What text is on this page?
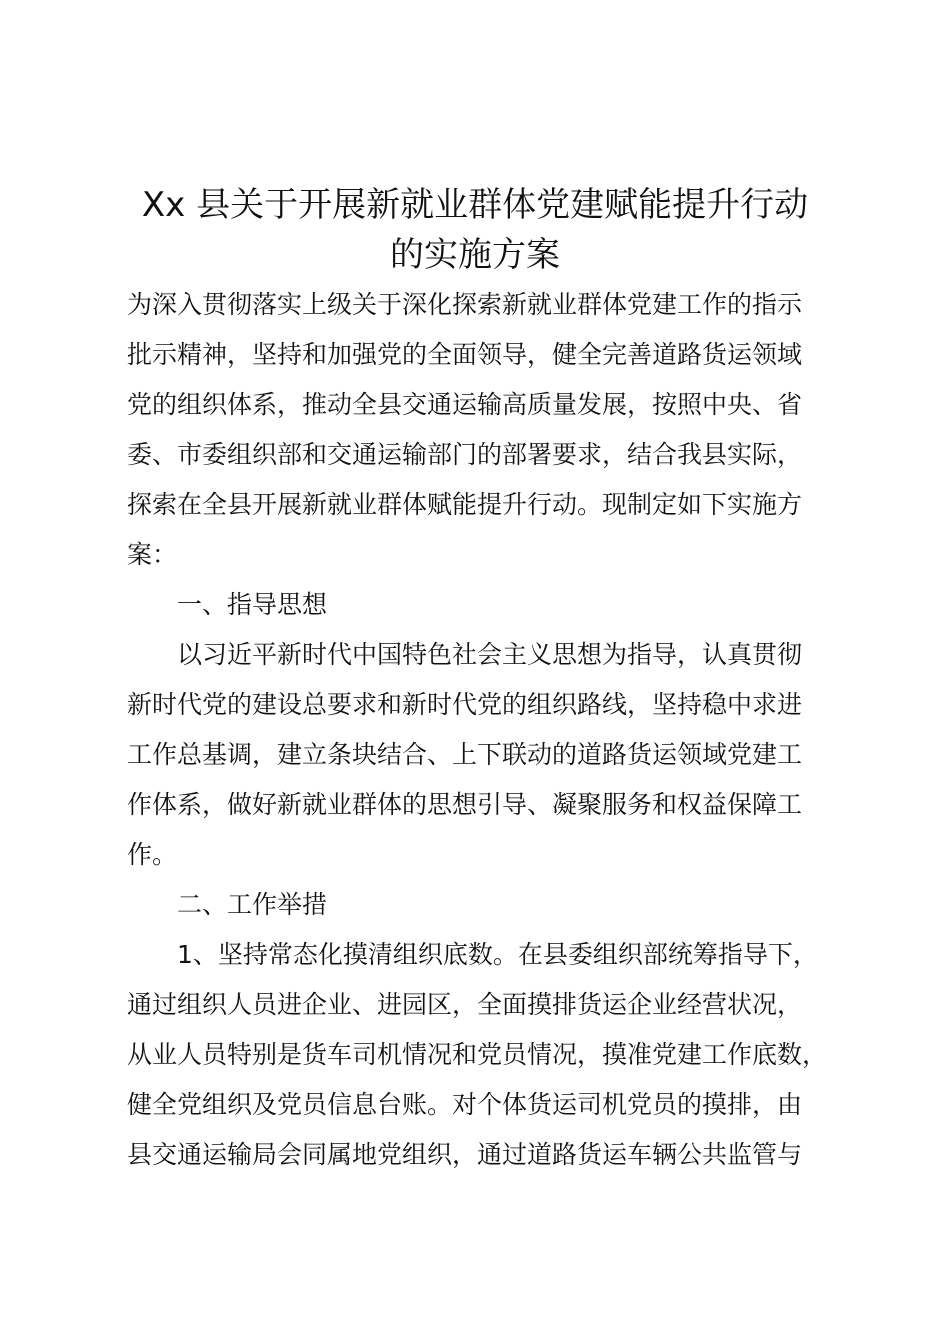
Xx 县关于开展新就业群体党建赋能提升行动
的实施方案

为深入贯彻落实上级关于深化探索新就业群体党建工作的指示

批示精神，坚持和加强党的全面领导，健全完善道路货运领域

党的组织体系，推动全县交通运输高质量发展，按照中央、省

委、市委组织部和交通运输部门的部署要求，结合我县实际，

探索在全县开展新就业群体赋能提升行动。现制定如下实施方

案：

一、指导思想

以习近平新时代中国特色社会主义思想为指导，认真贯彻

新时代党的建设总要求和新时代党的组织路线，坚持稳中求进

工作总基调，建立条块结合、上下联动的道路货运领域党建工

作体系，做好新就业群体的思想引导、凝聚服务和权益保障工

作。

二、工作举措

1、坚持常态化摸清组织底数。在县委组织部统筹指导下，

通过组织人员进企业、进园区，全面摸排货运企业经营状况，

从业人员特别是货车司机情况和党员情况，摸准党建工作底数，

健全党组织及党员信息台账。对个体货运司机党员的摸排，由

县交通运输局会同属地党组织，通过道路货运车辆公共监管与
